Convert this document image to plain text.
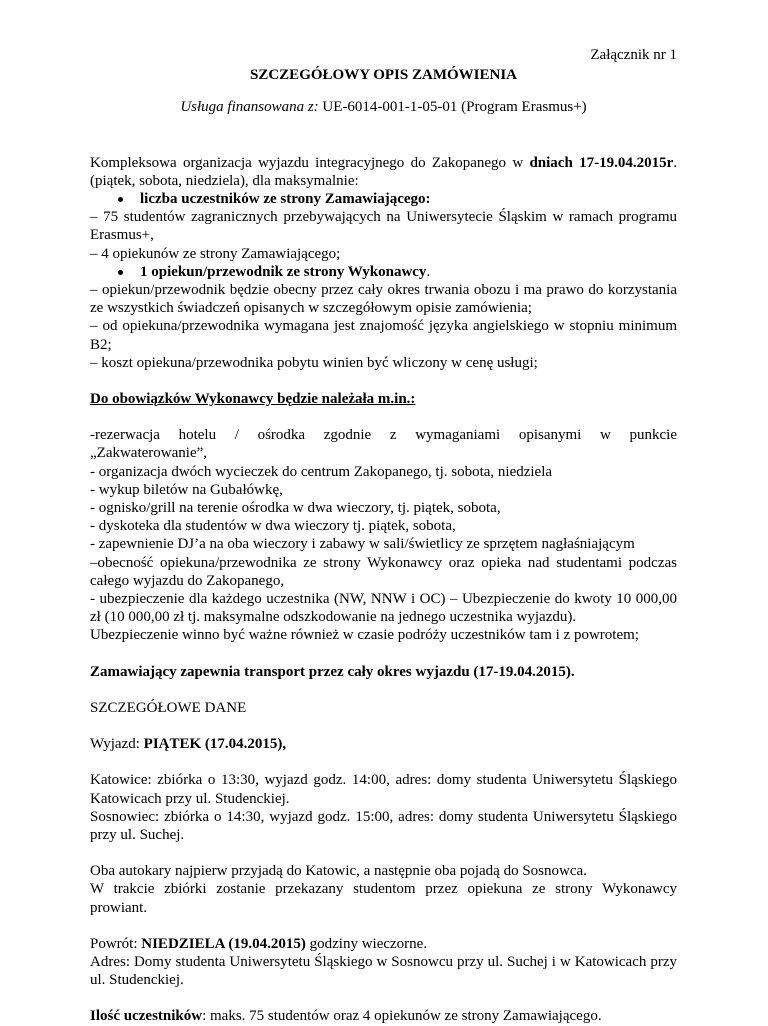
Załącznik nr 1
SZCZEGÓŁOWY OPIS ZAMÓWIENIA
Usługa finansowana z: UE-6014-001-1-05-01 (Program Erasmus+)

Kompleksowa organizacja wyjazdu integracyjnego do Zakopanego w dniach 17-19.04.2015r. (piątek, sobota, niedziela), dla maksymalnie:

liczba uczestników ze strony Zamawiającego:

– 75 studentów zagranicznych przebywających na Uniwersytecie Śląskim w ramach programu Erasmus+,

– 4 opiekunów ze strony Zamawiającego;

1 opiekun/przewodnik ze strony Wykonawcy.

– opiekun/przewodnik będzie obecny przez cały okres trwania obozu i ma prawo do korzystania ze wszystkich świadczeń opisanych w szczegółowym opisie zamówienia;

– od opiekuna/przewodnika wymagana jest znajomość języka angielskiego w stopniu minimum B2;

– koszt opiekuna/przewodnika pobytu winien być wliczony w cenę usługi;

Do obowiązków Wykonawcy będzie należała m.in.:

-rezerwacja hotelu / ośrodka zgodnie z wymaganiami opisanymi w punkcie

„Zakwaterowanie”,

- organizacja dwóch wycieczek do centrum Zakopanego, tj. sobota, niedziela

- wykup biletów na Gubałówkę,

- ognisko/grill na terenie ośrodka w dwa wieczory, tj. piątek, sobota,

- dyskoteka dla studentów w dwa wieczory tj. piątek, sobota,

- zapewnienie DJ’a na oba wieczory i zabawy w sali/świetlicy ze sprzętem nagłaśniającym

–obecność opiekuna/przewodnika ze strony Wykonawcy oraz opieka nad studentami podczas całego wyjazdu do Zakopanego,

- ubezpieczenie dla każdego uczestnika (NW, NNW i OC) – Ubezpieczenie do kwoty 10 000,00 zł (10 000,00 zł tj. maksymalne odszkodowanie na jednego uczestnika wyjazdu).

Ubezpieczenie winno być ważne również w czasie podróży uczestników tam i z powrotem;

Zamawiający zapewnia transport przez cały okres wyjazdu (17-19.04.2015).

SZCZEGÓŁOWE DANE

Wyjazd: PIĄTEK (17.04.2015),

Katowice: zbiórka o 13:30, wyjazd godz. 14:00, adres: domy studenta Uniwersytetu Śląskiego Katowicach przy ul. Studenckiej.

Sosnowiec: zbiórka o 14:30, wyjazd godz. 15:00, adres: domy studenta Uniwersytetu Śląskiego przy ul. Suchej.

Oba autokary najpierw przyjadą do Katowic, a następnie oba pojadą do Sosnowca.

W trakcie zbiórki zostanie przekazany studentom przez opiekuna ze strony Wykonawcy prowiant.

Powrót: NIEDZIELA (19.04.2015) godziny wieczorne.

Adres: Domy studenta Uniwersytetu Śląskiego w Sosnowcu przy ul. Suchej i w Katowicach przy ul. Studenckiej.

Ilość uczestników: maks. 75 studentów oraz 4 opiekunów ze strony Zamawiającego.
